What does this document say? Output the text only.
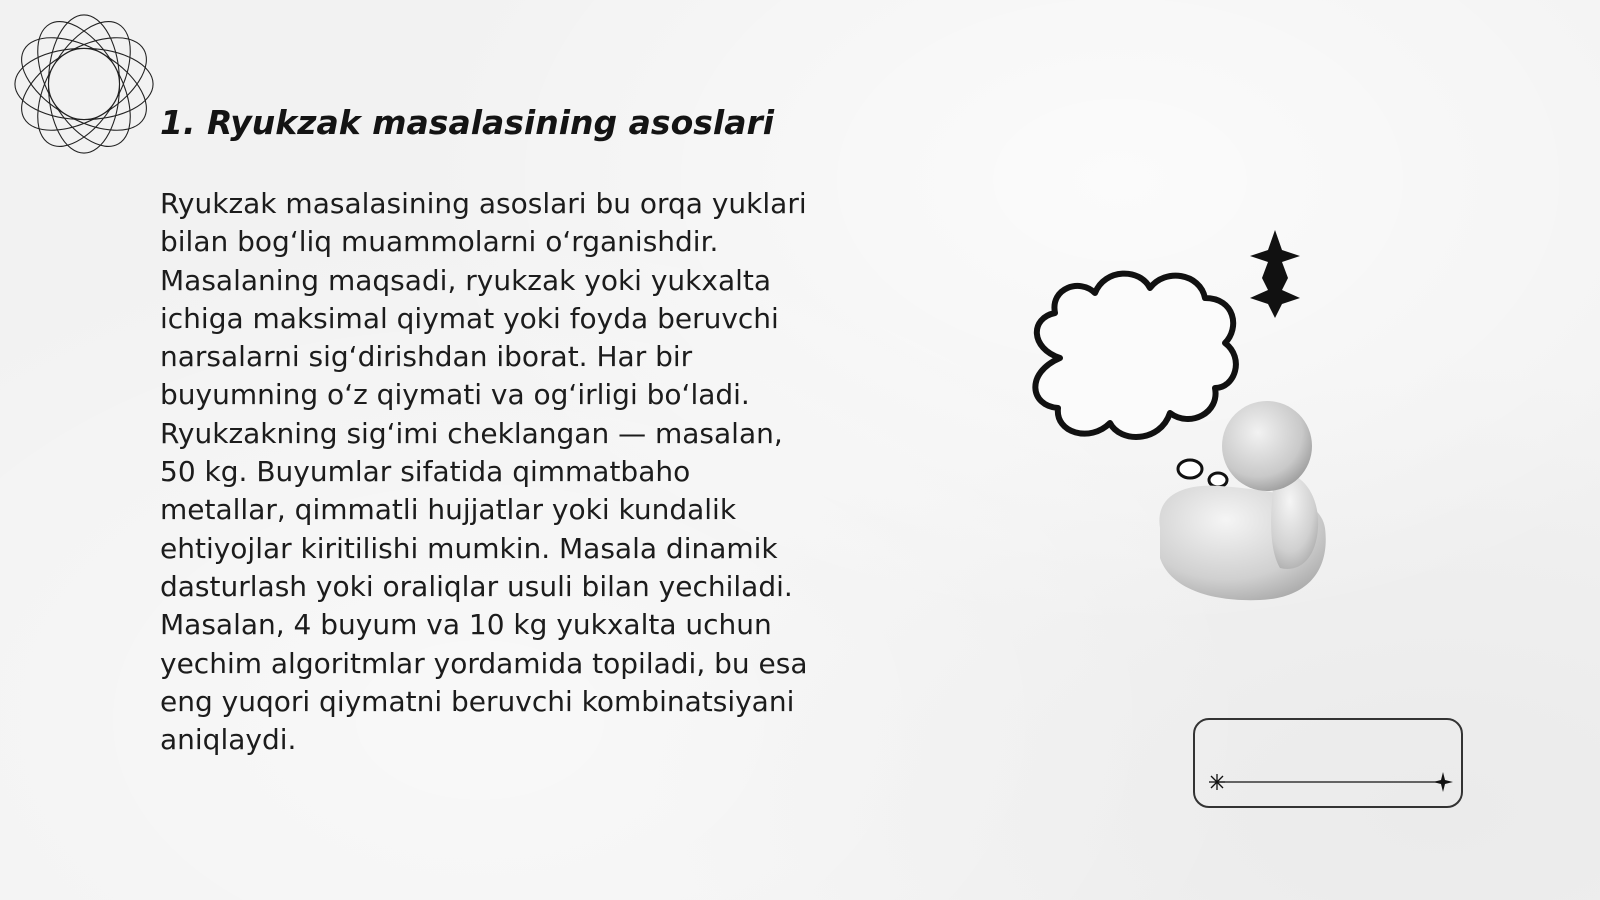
1. Ryukzak masalasining asoslari

Ryukzak masalasining asoslari bu orqa yuklari bilan bog‘liq muammolarni o‘rganishdir. Masalaning maqsadi, ryukzak yoki yukxalta ichiga maksimal qiymat yoki foyda beruvchi narsalarni sig‘dirishdan iborat. Har bir buyumning o‘z qiymati va og‘irligi bo‘ladi. Ryukzakning sig‘imi cheklangan — masalan, 50 kg. Buyumlar sifatida qimmatbaho metallar, qimmatli hujjatlar yoki kundalik ehtiyojlar kiritilishi mumkin. Masala dinamik dasturlash yoki oraliqlar usuli bilan yechiladi. Masalan, 4 buyum va 10 kg yukxalta uchun yechim algoritmlar yordamida topiladi, bu esa eng yuqori qiymatni beruvchi kombinatsiyani aniqlaydi.
